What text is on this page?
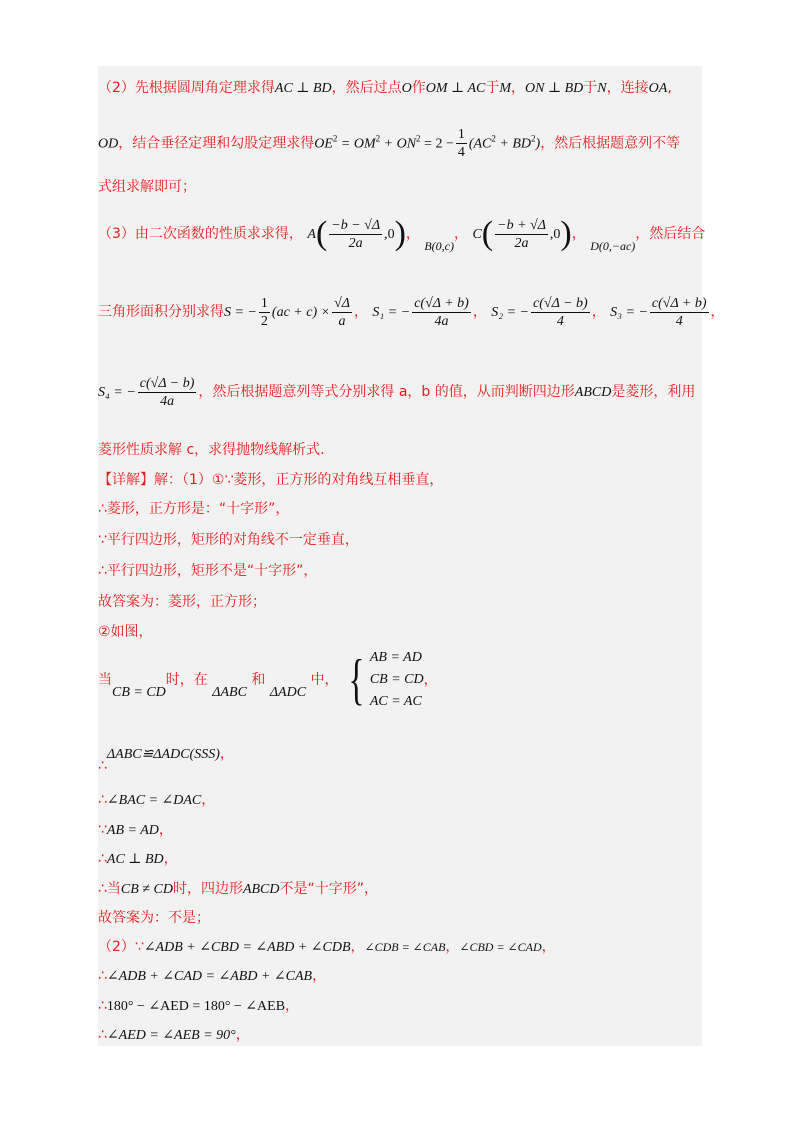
（2）先根据圆周角定理求得AC ⊥ BD，然后过点O作OM ⊥ AC于M，ON ⊥ BD于N，连接OA,
OD，结合垂径定理和勾股定理求得$OE^2 = OM^2 + ON^2 = 2 - \frac{1}{4} (AC^2 + BD^2)$，然后根据题意列不等
式组求解即可；
（3）由二次函数的性质求求得， $A( \frac{-b - √\Delta}{2a} ,0)$， B(0,c)， $C( \frac{-b + √\Delta}{2a} ,0)$， D(0,−ac)，然后结合
三角形面积分别求得S = − $\frac{1}{2} (ac + c) \times \frac{√\Delta}{a}$ ， S₁ = − $\frac{c(√\Delta + b)}{4a}$ ， S₂ = − $\frac{c(√\Delta - b)}{4}$ ， S₃ = − $\frac{c(√\Delta + b)}{4}$ ，
S₄ = − $\frac{c(√\Delta - b)}{4a}$ ，然后根据题意列等式分别求得 a，b 的值，从而判断四边形ABCD是菱形，利用
菱形性质求解 c，求得抛物线解析式.
【详解】解：（1）①∵菱形，正方形的对角线互相垂直，
∴菱形，正方形是：“十字形”，
∵平行四边形，矩形的对角线不一定垂直，
∴平行四边形，矩形不是“十字形”，
故答案为：菱形，正方形；
②如图，
当CB = CD时，在 ΔABC 和 ΔADC 中， { AB = AD
CB = CD
AC = AC
，
∴ΔABC≌ΔADC(SSS)，
∴∠BAC = ∠DAC，
∵AB = AD，
∴AC ⊥ BD，
∴当CB ≠ CD时，四边形ABCD不是“十字形”，
故答案为：不是；
（2）∵∠ADB + ∠CBD = ∠ABD + ∠CDB，∠CDB = ∠CAB，∠CBD = ∠CAD，
∴∠ADB + ∠CAD = ∠ABD + ∠CAB，
∴180° − ∠AED = 180° − ∠AEB，
∴∠AED = ∠AEB = 90°，
